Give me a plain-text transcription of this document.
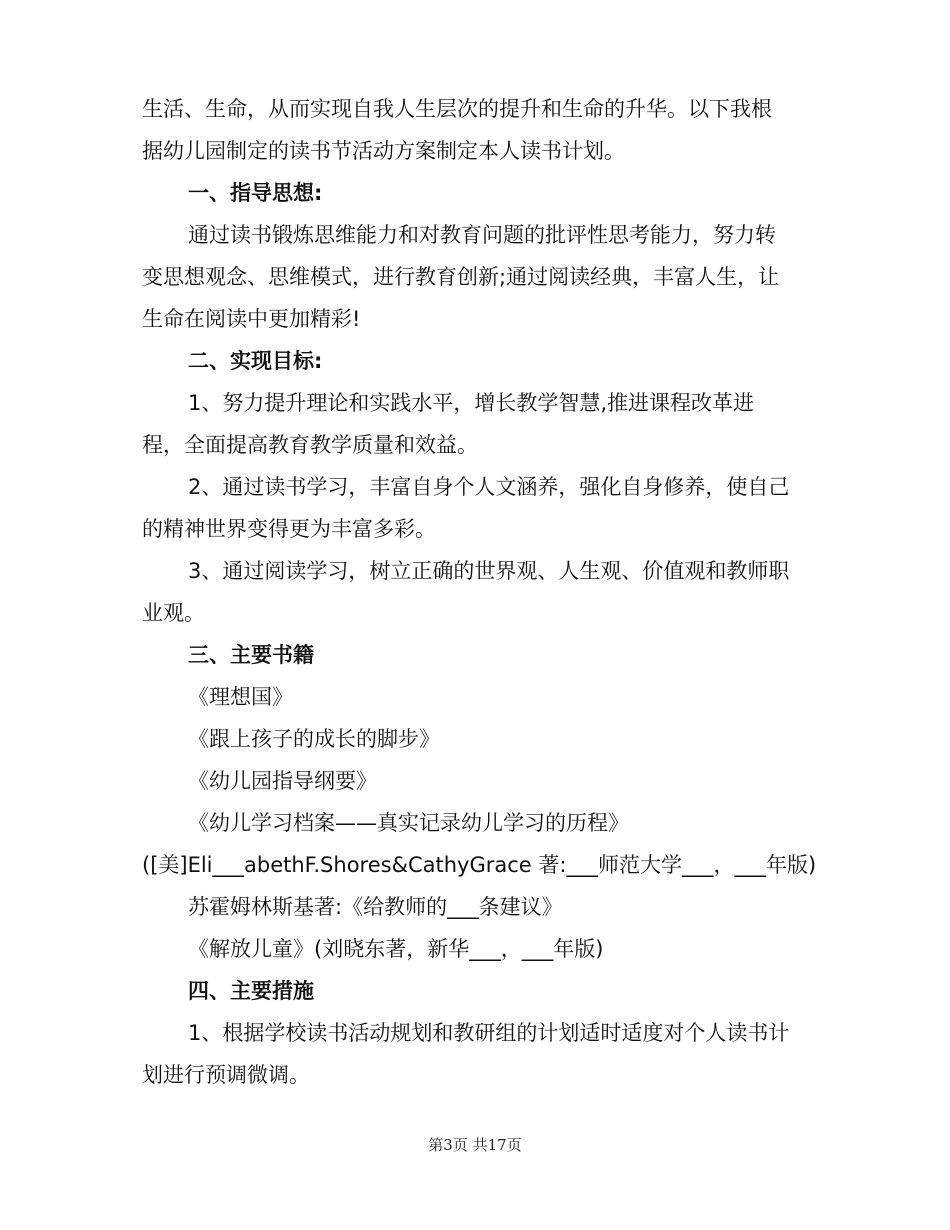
生活、生命，从而实现自我人生层次的提升和生命的升华。以下我根

据幼儿园制定的读书节活动方案制定本人读书计划。

一、指导思想:

通过读书锻炼思维能力和对教育问题的批评性思考能力，努力转

变思想观念、思维模式，进行教育创新;通过阅读经典，丰富人生，让

生命在阅读中更加精彩!

二、实现目标:

1、努力提升理论和实践水平，增长教学智慧,推进课程改革进

程，全面提高教育教学质量和效益。

2、通过读书学习，丰富自身个人文涵养，强化自身修养，使自己

的精神世界变得更为丰富多彩。

3、通过阅读学习，树立正确的世界观、人生观、价值观和教师职

业观。

三、主要书籍

《理想国》

《跟上孩子的成长的脚步》

《幼儿园指导纲要》

《幼儿学习档案——真实记录幼儿学习的历程》

([美]Eli___abethF.Shores&CathyGrace 著:___师范大学___，___年版)

苏霍姆林斯基著:《给教师的___条建议》

《解放儿童》(刘晓东著，新华___，___年版)

四、主要措施

1、根据学校读书活动规划和教研组的计划适时适度对个人读书计

划进行预调微调。

第3页 共17页
